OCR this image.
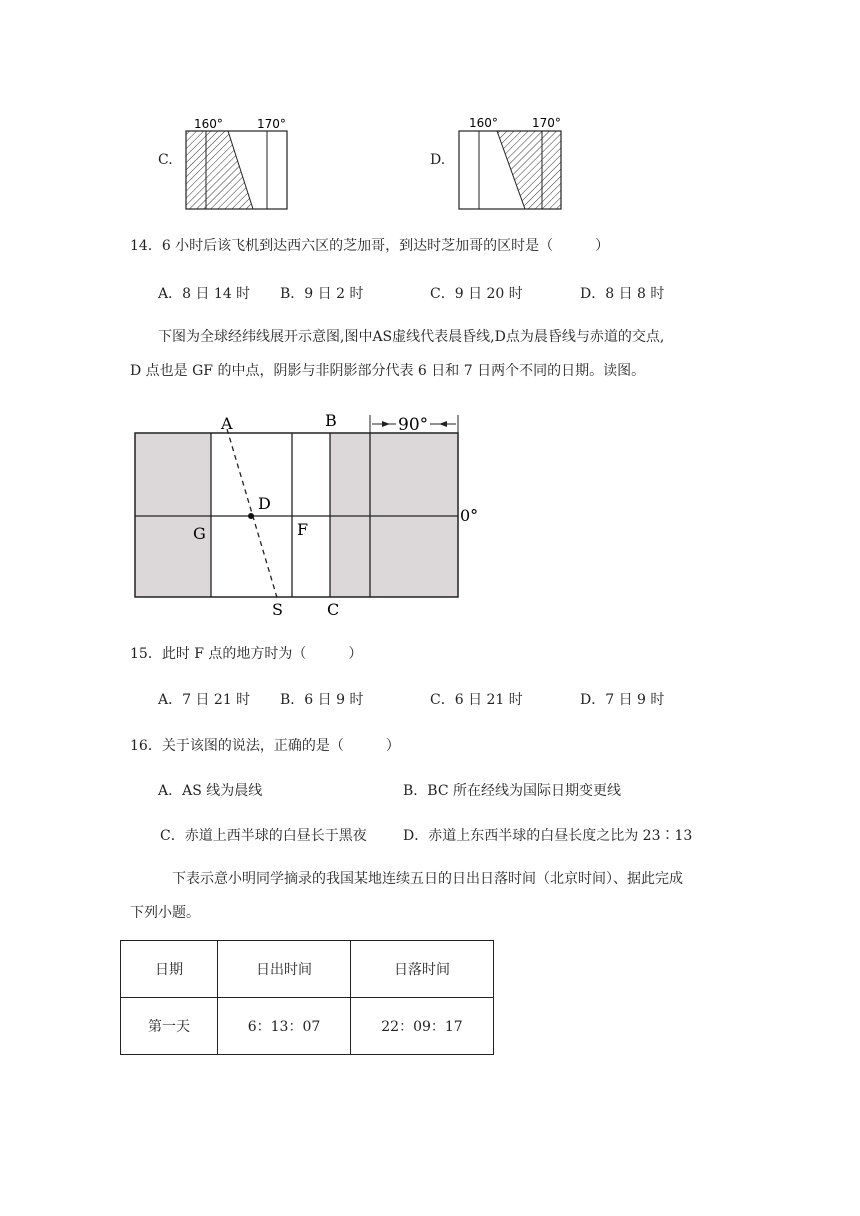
C.
160°	170°
D.
160°	170°
14．6 小时后该飞机到达西六区的芝加哥，到达时芝加哥的区时是（　　　）
A．8 日 14 时 B．9 日 2 时	C．9 日 20 时	D．8 日 8 时
下图为全球经纬线展开示意图,图中AS虚线代表晨昏线,D点为晨昏线与赤道的交点,
D 点也是 GF 的中点，阴影与非阴影部分代表 6 日和 7 日两个不同的日期。读图。
90°
A	B
D
G	F
S	C
0°
15．此时 F 点的地方时为（　　　）
A．7 日 21 时 B．6 日 9 时	C．6 日 21 时	D．7 日 9 时
16．关于该图的说法，正确的是（　　　）
A．AS 线为晨线	B．BC 所在经线为国际日期变更线
C．赤道上西半球的白昼长于黑夜	D．赤道上东西半球的白昼长度之比为 23∶13
下表示意小明同学摘录的我国某地连续五日的日出日落时间（北京时间）、据此完成
下列小题。
日期	日出时间	日落时间
第一天	6：13：07	22：09：17
